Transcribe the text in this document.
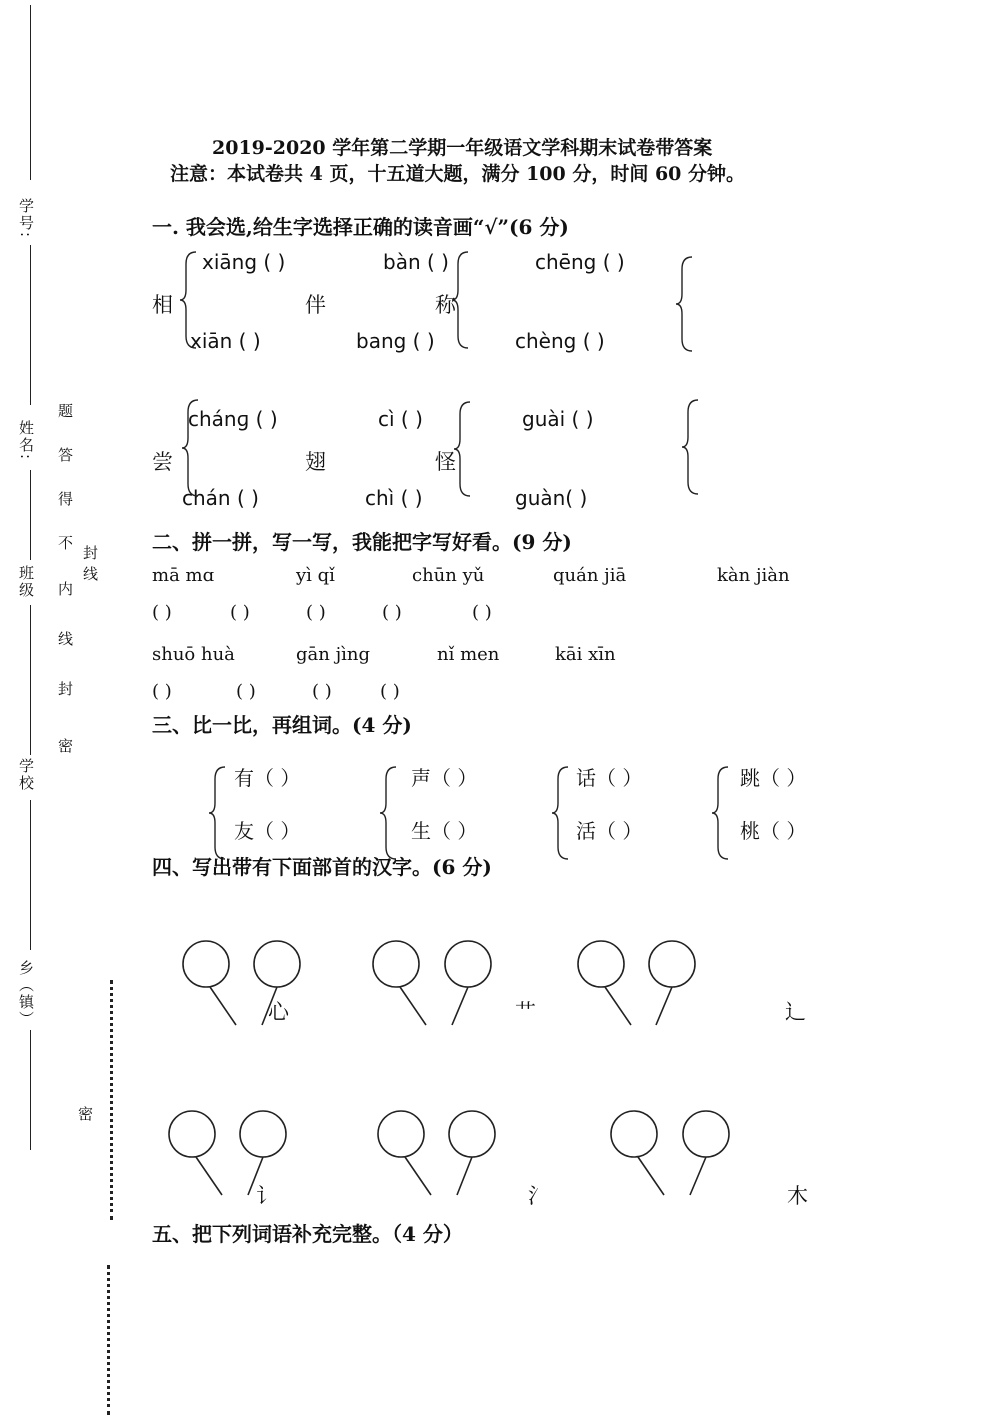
学号:
姓名:
班级
学校
乡（镇）
题
答
得
不
内
线
封
密
封线
密
2019-2020 学年第二学期一年级语文学科期末试卷带答案
注意：本试卷共 4 页，十五道大题，满分 100 分，时间 60 分钟。
一. 我会选,给生字选择正确的读音画“√”(6 分)
xiāng ( )	bàn ( )	chēng ( )
相	伴	称
xiān ( )	bang ( )	chèng ( )
chánɡ ( )	cì ( )	guài ( )
尝	翅	怪
chán ( )	chì ( )	guàn( )
二、拼一拼，写一写，我能把字写好看。(9 分)
mā mɑ	yì qǐ	chūn yǔ	quán jiā	kàn jiàn
( )	( )	( )	( )	( )
shuō huà	gān jìng	nǐ men	kāi xīn
( )	( )	( )	( )
三、比一比，再组词。(4 分)
有（ ）
友（ ）
声（ ）
生（ ）
话（ ）
活（ ）
跳（ ）
桃（ ）
四、写出带有下面部首的汉字。(6 分)
心	艹	辶
讠	氵	木
五、把下列词语补充完整。（4 分）
